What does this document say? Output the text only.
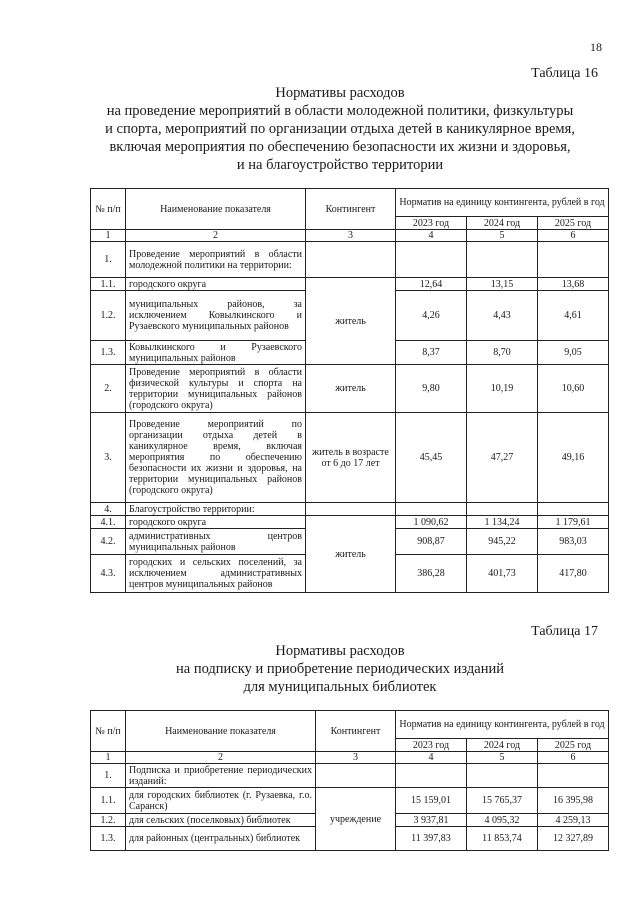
18
Таблица 16
Нормативы расходов
на проведение мероприятий в области молодежной политики, физкультуры
и спорта, мероприятий по организации отдыха детей в каникулярное время,
включая мероприятия по обеспечению безопасности их жизни и здоровья,
и на благоустройство территории
№ п/п	Наименование показателя	Контингент	Норматив на единицу контингента, рублей в год		
			2023 год	2024 год	2025 год
1	2	3	4	5	6
1.	Проведение мероприятий в области молодежной политики на территории:				
1.1.	городского округа	житель	12,64	13,15	13,68
1.2.	муниципальных районов, за исключением Ковылкинского и Рузаевского муниципальных районов		4,26	4,43	4,61
1.3.	Ковылкинского и Рузаевского муниципальных районов		8,37	8,70	9,05
2.	Проведение мероприятий в области физической культуры и спорта на территории муниципальных районов (городского округа)	житель	9,80	10,19	10,60
3.	Проведение мероприятий по организации отдыха детей в каникулярное время, включая мероприятия по обеспечению безопасности их жизни и здоровья, на территории муниципальных районов (городского округа)	житель в возрасте от 6 до 17 лет	45,45	47,27	49,16
4.	Благоустройство территории:				
4.1.	городского округа	житель	1 090,62	1 134,24	1 179,61
4.2.	административных центров муниципальных районов		908,87	945,22	983,03
4.3.	городских и сельских поселений, за исключением административных центров муниципальных районов		386,28	401,73	417,80
Таблица 17
Нормативы расходов
на подписку и приобретение периодических изданий
для муниципальных библиотек
№ п/п	Наименование показателя	Контингент	Норматив на единицу контингента, рублей в год		
			2023 год	2024 год	2025 год
1	2	3	4	5	6
1.	Подписка и приобретение периодических изданий:				
1.1.	для городских библиотек (г. Рузаевка, г.о. Саранск)	учреждение	15 159,01	15 765,37	16 395,98
1.2.	для сельских (поселковых) библиотек		3 937,81	4 095,32	4 259,13
1.3.	для районных (центральных) библиотек		11 397,83	11 853,74	12 327,89
